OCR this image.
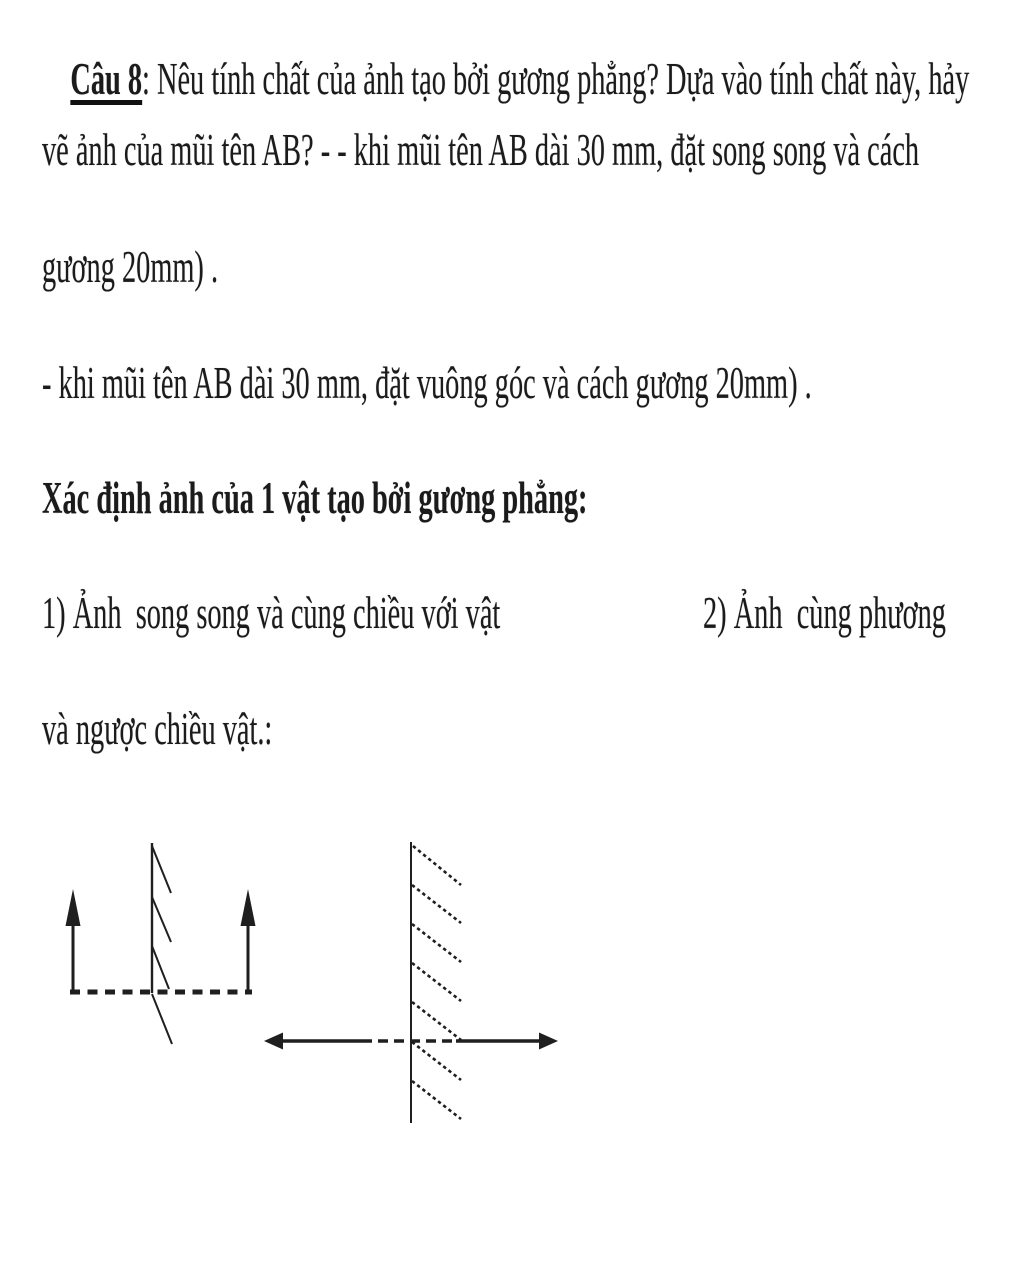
Câu 8: Nêu tính chất của ảnh tạo bởi gương phẳng? Dựa vào tính chất này, hảy

vẽ ảnh của mũi tên AB? - - khi mũi tên AB dài 30 mm, đặt song song và cách
gương 20mm) .
- khi mũi tên AB dài 30 mm, đặt vuông góc và cách gương 20mm) .
Xác định ảnh của 1 vật tạo bởi gương phẳng:
1) Ảnh  song song và cùng chiều với vật	2) Ảnh  cùng phương
và ngược chiều vật.:
